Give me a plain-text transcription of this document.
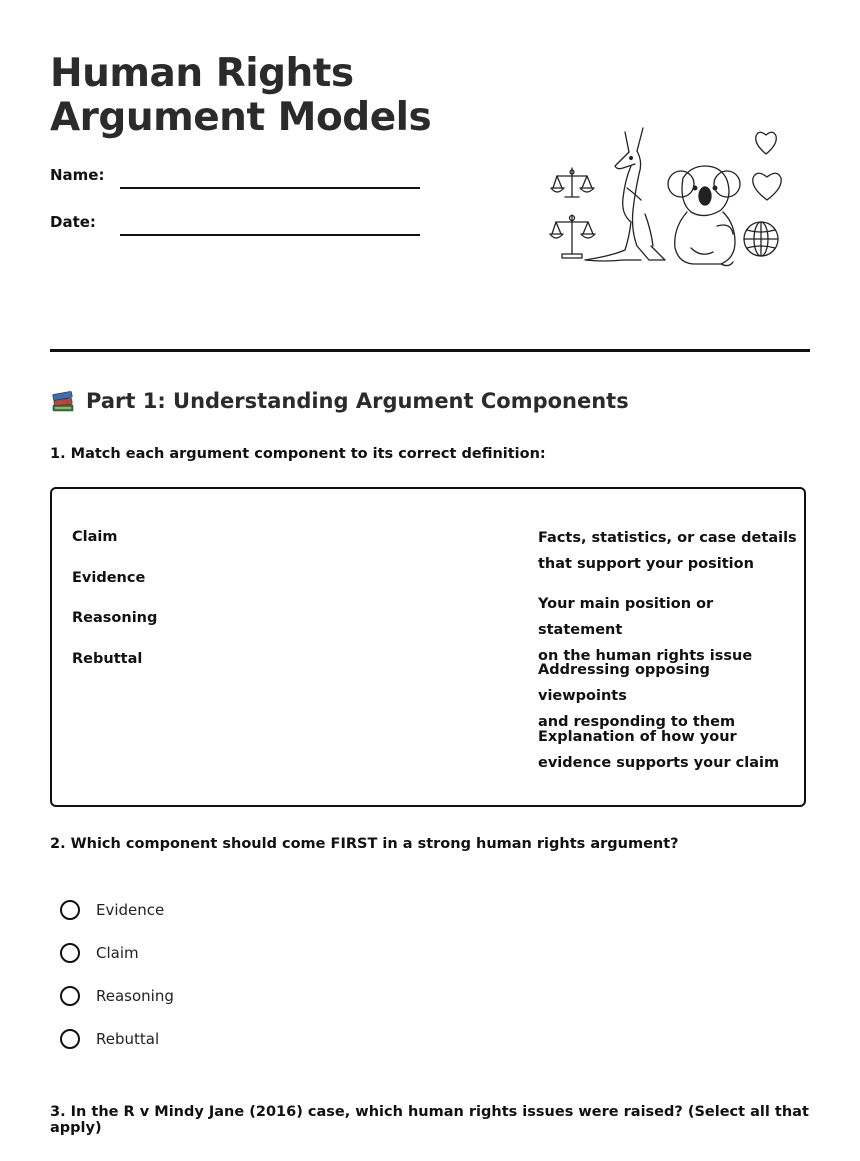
Human Rights
Argument Models
Name:
Date:
Part 1: Understanding Argument Components

1. Match each argument component to its correct definition:

Claim
Evidence
Reasoning
Rebuttal
Facts, statistics, or case details
that support your position
Your main position or statement
on the human rights issue
Addressing opposing viewpoints
and responding to them
Explanation of how your
evidence supports your claim

2. Which component should come FIRST in a strong human rights argument?

Evidence
Claim
Reasoning
Rebuttal

3. In the R v Mindy Jane (2016) case, which human rights issues were raised? (Select all that apply)
